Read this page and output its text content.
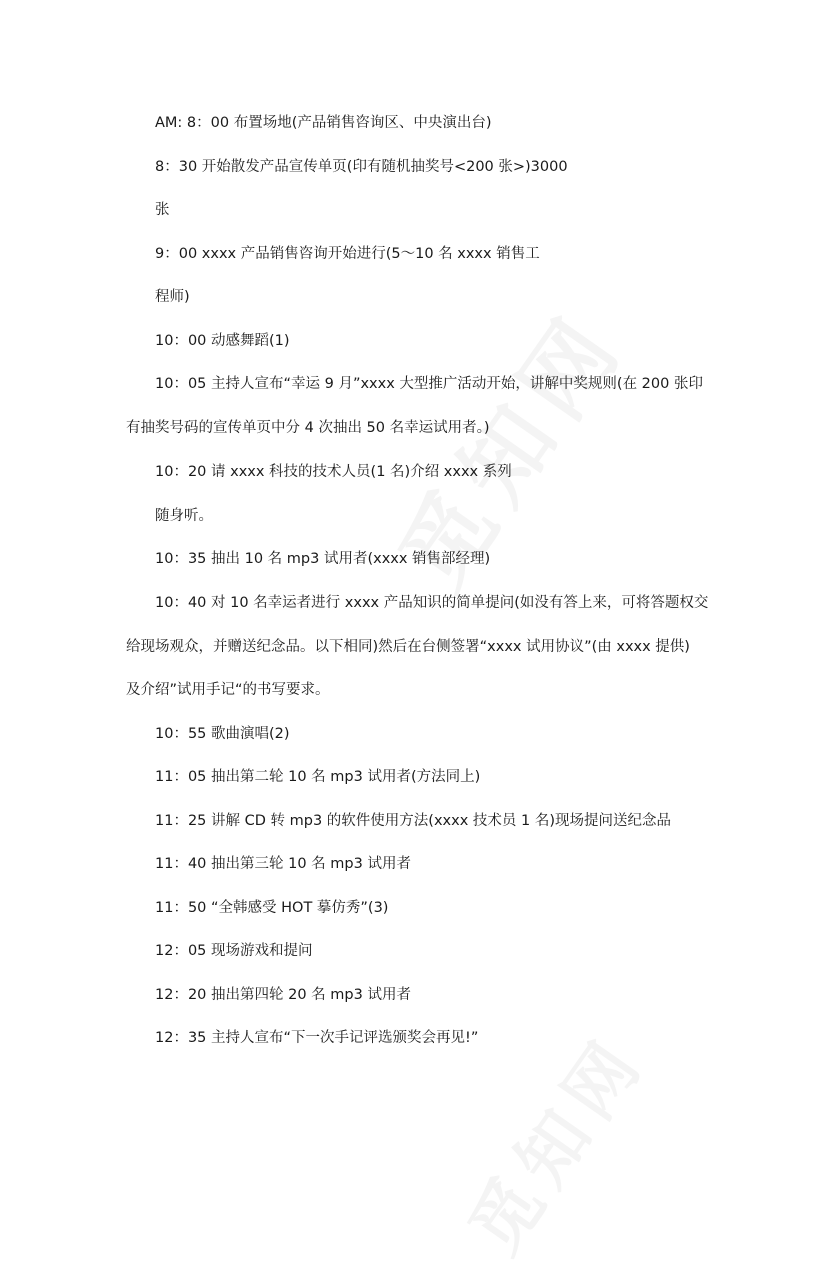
AM: 8：00 布置场地(产品销售咨询区、中央演出台)
8：30 开始散发产品宣传单页(印有随机抽奖号<200 张>)3000
张
9：00 xxxx 产品销售咨询开始进行(5～10 名 xxxx 销售工
程师)
10：00 动感舞蹈(1)
10：05 主持人宣布“幸运 9 月”xxxx 大型推广活动开始，讲解中奖规则(在 200 张印
有抽奖号码的宣传单页中分 4 次抽出 50 名幸运试用者。)
10：20 请 xxxx 科技的技术人员(1 名)介绍 xxxx 系列
随身听。
10：35 抽出 10 名 mp3 试用者(xxxx 销售部经理)
10：40 对 10 名幸运者进行 xxxx 产品知识的简单提问(如没有答上来，可将答题权交
给现场观众，并赠送纪念品。以下相同)然后在台侧签署“xxxx 试用协议”(由 xxxx 提供)
及介绍”试用手记“的书写要求。
10：55 歌曲演唱(2)
11：05 抽出第二轮 10 名 mp3 试用者(方法同上)
11：25 讲解 CD 转 mp3 的软件使用方法(xxxx 技术员 1 名)现场提问送纪念品
11：40 抽出第三轮 10 名 mp3 试用者
11：50 “全韩感受 HOT 摹仿秀”(3)
12：05 现场游戏和提问
12：20 抽出第四轮 20 名 mp3 试用者
12：35 主持人宣布“下一次手记评选颁奖会再见!”
